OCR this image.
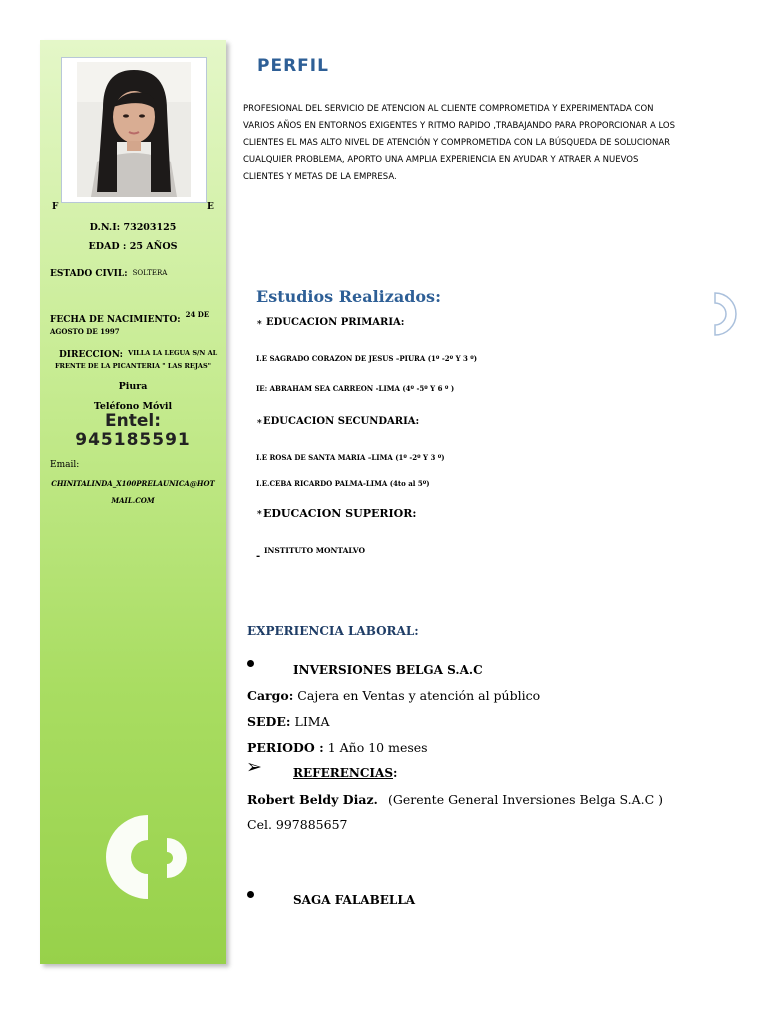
F	E
D.N.I: 73203125
EDAD : 25 AÑOS
ESTADO CIVIL: SOLTERA
FECHA DE NACIMIENTO: $^{24 DE}$
AGOSTO DE 1997
DIRECCION: VILLA LA LEGUA S/N AL
FRENTE DE LA PICANTERIA " LAS REJAS"
Piura
Teléfono Móvil
Entel:
945185591
Email:
CHINITALINDA_X100PRELAUNICA@HOT
MAIL.COM
PERFIL
PROFESIONAL DEL SERVICIO DE ATENCION AL CLIENTE COMPROMETIDA Y EXPERIMENTADA CON
VARIOS AÑOS EN ENTORNOS EXIGENTES Y RITMO RAPIDO ,TRABAJANDO PARA PROPORCIONAR A LOS
CLIENTES EL MAS ALTO NIVEL DE ATENCIÓN Y COMPROMETIDA CON LA BÚSQUEDA DE SOLUCIONAR
CUALQUIER PROBLEMA, APORTO UNA AMPLIA EXPERIENCIA EN AYUDAR Y ATRAER A NUEVOS
CLIENTES Y METAS DE LA EMPRESA.
Estudios Realizados:
* EDUCACION PRIMARIA:
I.E SAGRADO CORAZON DE JESUS –PIURA (1º -2º Y 3 º)
IE: ABRAHAM SEA CARREON -LIMA (4º -5º Y 6 º )
* EDUCACION SECUNDARIA:
I.E ROSA DE SANTA MARIA –LIMA (1º -2º Y 3 º)
I.E.CEBA RICARDO PALMA-LIMA (4to al 5º)
* EDUCACION SUPERIOR:
INSTITUTO MONTALVO
-
EXPERIENCIA LABORAL:
INVERSIONES BELGA S.A.C
Cargo: Cajera en Ventas y atención al público
SEDE: LIMA
PERIODO : 1 Año 10 meses
➢	REFERENCIAS:
Robert Beldy Diaz. (Gerente General Inversiones Belga S.A.C )
Cel. 997885657
SAGA FALABELLA
